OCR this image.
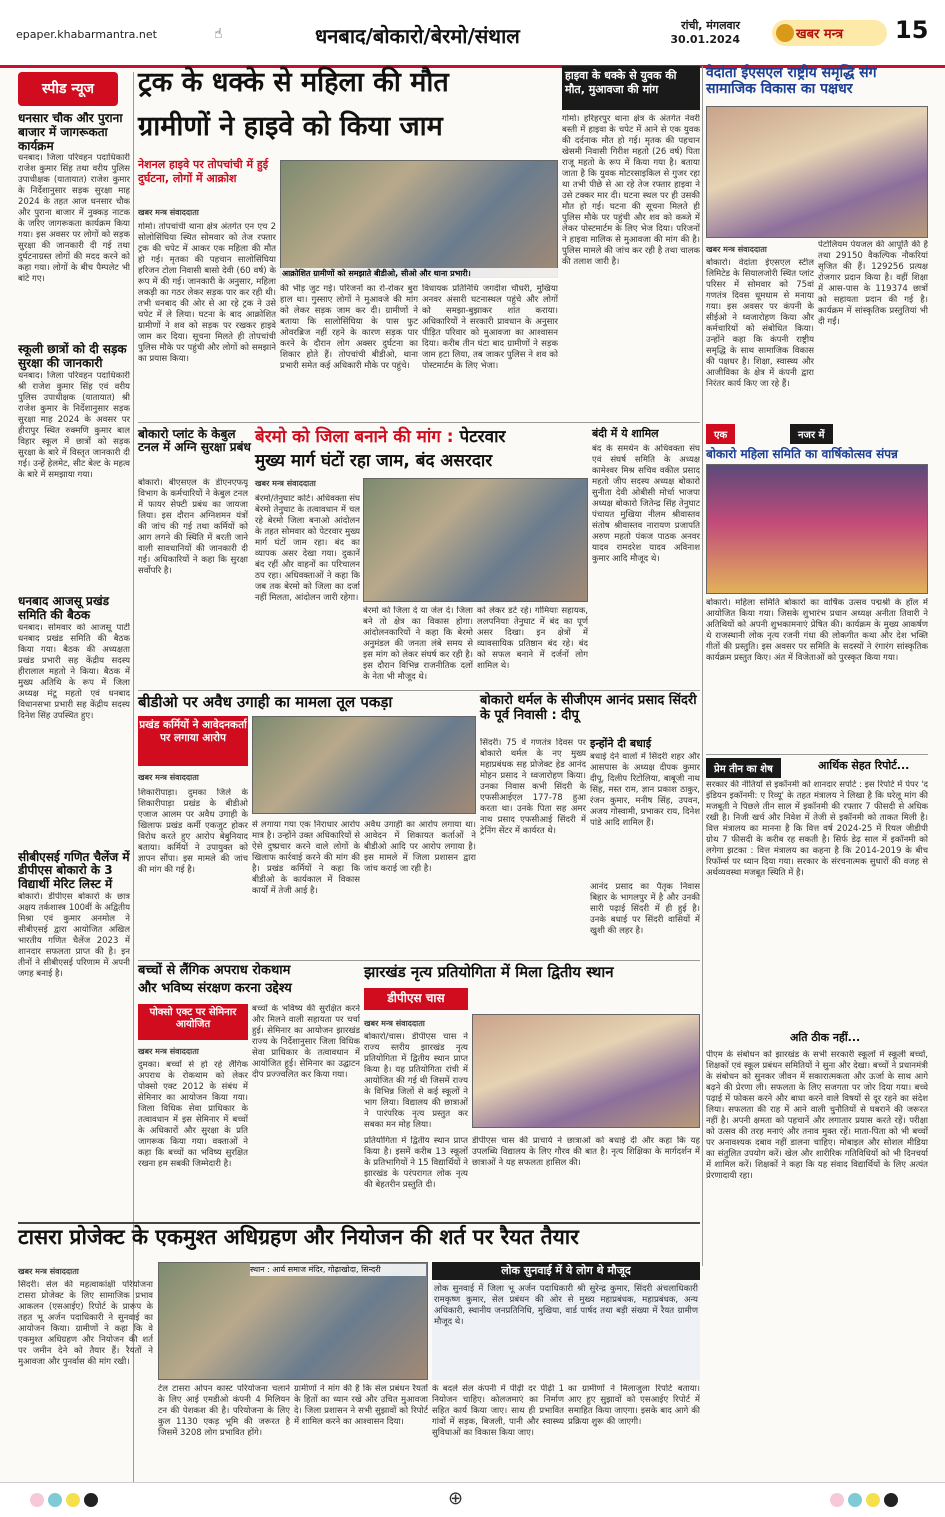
epaper.khabarmantra.net	☝	धनबाद/बोकारो/बेरमो/संथाल	रांची, मंगलवार
30.01.2024	खबर मन्त्र	15
स्पीड न्यूज
धनसार चौक और पुराना बाजार में जागरूकता कार्यक्रम
धनबाद। जिला परिवहन पदाधिकारी राजेश कुमार सिंह तथा वरीय पुलिस उपाधीक्षक (यातायात) राजेश कुमार के निर्देशानुसार सड़क सुरक्षा माह 2024 के तहत आज धनसार चौक और पुराना बाजार में नुक्कड़ नाटक के जरिए जागरूकता कार्यक्रम किया गया। इस अवसर पर लोगों को सड़क सुरक्षा की जानकारी दी गई तथा दुर्घटनाग्रस्त लोगों की मदद करने को कहा गया। लोगों के बीच पैम्पलेट भी बांटे गए।
स्कूली छात्रों को दी सड़क सुरक्षा की जानकारी
धनबाद। जिला परिवहन पदाधिकारी श्री राजेश कुमार सिंह एवं वरीय पुलिस उपाधीक्षक (यातायात) श्री राजेश कुमार के निर्देशानुसार सड़क सुरक्षा माह 2024 के अवसर पर हीरापुर स्थित रुक्मणि कुमार बाल विहार स्कूल में छात्रों को सड़क सुरक्षा के बारे में विस्तृत जानकारी दी गई। उन्हें हेलमेट, सीट बेल्ट के महत्व के बारे में समझाया गया।
धनबाद आजसू प्रखंड समिति की बैठक
धनबाद। सोमवार को आजसू पार्टी धनबाद प्रखंड समिति की बैठक किया गया। बैठक की अध्यक्षता प्रखंड प्रभारी सह केंद्रीय सदस्य हीरालाल महतो ने किया। बैठक में मुख्य अतिथि के रूप में जिला अध्यक्ष मंटू महतो एवं धनबाद विधानसभा प्रभारी सह केंद्रीय सदस्य दिनेश सिंह उपस्थित हुए।
सीबीएसई गणित चैलेंज में डीपीएस बोकारो के 3 विद्यार्थी मेरिट लिस्ट में
बोकारो। डीपीएस बोकारो के छात्र अक्षय तर्कशास्त्र 100वीं के अद्वितीय मिश्रा एवं कुमार अनमोल ने सीबीएसई द्वारा आयोजित अखिल भारतीय गणित चैलेंज 2023 में शानदार सफलता प्राप्त की है। इन तीनों ने सीबीएसई परिणाम में अपनी जगह बनाई है।
ट्रक के धक्के से महिला की मौत
ग्रामीणों ने हाइवे को किया जाम
नेशनल हाइवे पर तोपचांची में हुई दुर्घटना, लोगों में आक्रोश
खबर मन्त्र संवाददाता
गोमो। तोपचांची थाना क्षेत्र अंतर्गत एन एच 2 सोलोसिंघिया स्थित सोमवार को तेज रफ्तार ट्रक की चपेट में आकर एक महिला की मौत हो गई। मृतका की पहचान सालोसिंघिया हरिजन टोला निवासी बासो देवी (60 वर्ष) के रूप में की गई। जानकारी के अनुसार, महिला लकड़ी का गठर लेकर सड़क पार कर रही थी। तभी धनबाद की ओर से आ रहे ट्रक ने उसे चपेट में ले लिया। घटना के बाद आक्रोशित ग्रामीणों ने शव को सड़क पर रखकर हाइवे जाम कर दिया। सूचना मिलते ही तोपचांची पुलिस मौके पर पहुंची और लोगों को समझाने का प्रयास किया।
आक्रोशित ग्रामीणों को समझाते बीडीओ, सीओ और थाना प्रभारी।
की भीड़ जुट गई। परिजनों का रो-रोकर बुरा हाल था। गुस्साए लोगों ने मुआवजे की मांग को लेकर सड़क जाम कर दी। ग्रामीणों ने बताया कि सालोसिंघिया के पास फुट ओवरब्रिज नहीं रहने के कारण सड़क पार करने के दौरान लोग अक्सर दुर्घटना का शिकार होते हैं। तोपचांची बीडीओ, थाना प्रभारी समेत कई अधिकारी मौके पर पहुंचे।
विधायक प्रतिनिधि जगदीश चौधरी, मुखिया अनवर अंसारी घटनास्थल पहुंचे और लोगों को समझा-बुझाकर शांत कराया। अधिकारियों ने सरकारी प्रावधान के अनुसार पीड़ित परिवार को मुआवजा का आश्वासन दिया। करीब तीन घंटा बाद ग्रामीणों ने सड़क जाम हटा लिया, तब जाकर पुलिस ने शव को पोस्टमार्टम के लिए भेजा।
हाइवा के धक्के से युवक की मौत, मुआवजा की मांग
गोमो। हरिहरपुर थाना क्षेत्र के अंतर्गत नेवरी बस्ती में हाइवा के चपेट में आने से एक युवक की दर्दनाक मौत हो गई। मृतक की पहचान खेसमी निवासी गिरीश महतो (26 वर्ष) पिता राजू महतो के रूप में किया गया है। बताया जाता है कि युवक मोटरसाइकिल से गुजर रहा था तभी पीछे से आ रहे तेज रफ्तार हाइवा ने उसे टक्कर मार दी। घटना स्थल पर ही उसकी मौत हो गई। घटना की सूचना मिलते ही पुलिस मौके पर पहुंची और शव को कब्जे में लेकर पोस्टमार्टम के लिए भेज दिया। परिजनों ने हाइवा मालिक से मुआवजा की मांग की है। पुलिस मामले की जांच कर रही है तथा चालक की तलाश जारी है।
वेदांता ईएसएल राष्ट्रीय समृद्धि संग सामाजिक विकास का पक्षधर
खबर मन्त्र संवाददाता
बोकारो। वेदांता ईएसएल स्टील लिमिटेड के सियालजोरी स्थित प्लांट परिसर में सोमवार को 75वां गणतंत्र दिवस धूमधाम से मनाया गया। इस अवसर पर कंपनी के सीईओ ने ध्वजारोहण किया और कर्मचारियों को संबोधित किया। उन्होंने कहा कि कंपनी राष्ट्रीय समृद्धि के साथ सामाजिक विकास की पक्षधर है। शिक्षा, स्वास्थ्य और आजीविका के क्षेत्र में कंपनी द्वारा निरंतर कार्य किए जा रहे हैं।
पेटोलियम पेयजल की आपूर्ति की है तथा 29150 वैकल्पिक नौकरियां सृजित की हैं। 129256 प्रत्यक्ष रोजगार प्रदान किया है। वहीं शिक्षा में आस-पास के 119374 छात्रों को सहायता प्रदान की गई है। कार्यक्रम में सांस्कृतिक प्रस्तुतियां भी दी गईं।
एक	नजर में
बोकारो महिला समिति का वार्षिकोत्सव संपन्न
बोकारो। महिला समिति बोकारो का वार्षिक उत्सव पद्मश्री के हॉल में आयोजित किया गया। जिसके शुभारंभ प्रधान अध्यक्ष अनीता तिवारी ने अतिथियों को अपनी शुभकामनाएं प्रेषित की। कार्यक्रम के मुख्य आकर्षण थे राजस्थानी लोक नृत्य रजनी गंधा की लोकगीत कथा और देश भक्ति गीतों की प्रस्तुति। इस अवसर पर समिति के सदस्यों ने रंगारंग सांस्कृतिक कार्यक्रम प्रस्तुत किए। अंत में विजेताओं को पुरस्कृत किया गया।
बोकारो प्लांट के केबुल टनल में अग्नि सुरक्षा प्रबंध
बोकारो। बीएसएल के डीएनएफयू विभाग के कर्मचारियों ने केबुल टनल में फायर सेफ्टी प्रबंध का जायजा लिया। इस दौरान अग्निशमन यंत्रों की जांच की गई तथा कर्मियों को आग लगने की स्थिति में बरती जाने वाली सावधानियों की जानकारी दी गई। अधिकारियों ने कहा कि सुरक्षा सर्वोपरि है।
बेरमो को जिला बनाने की मांग : पेटरवार
मुख्य मार्ग घंटों रहा जाम, बंद असरदार
खबर मन्त्र संवाददाता
बेरमो/तेनुघाट कोर्ट। अधिवक्ता संघ बेरमो तेनुघाट के तत्वावधान में चल रहे बेरमो जिला बनाओ आंदोलन के तहत सोमवार को पेटरवार मुख्य मार्ग घंटों जाम रहा। बंद का व्यापक असर देखा गया। दुकानें बंद रहीं और वाहनों का परिचालन ठप रहा। अधिवक्ताओं ने कहा कि जब तक बेरमो को जिला का दर्जा नहीं मिलता, आंदोलन जारी रहेगा।
बेरमो को जिला दे या जेल दे। जिला बने तो क्षेत्र का विकास होगा। आंदोलनकारियों ने कहा कि बेरमो अनुमंडल की जनता लंबे समय से इस मांग को लेकर संघर्ष कर रही है। इस दौरान विभिन्न राजनीतिक दलों के नेता भी मौजूद थे।
को लेकर डटे रहे। गोमियाः सहायक, ललपनियाः तेनुघाट में बंद का पूर्ण असर दिखा। इन क्षेत्रों में व्यावसायिक प्रतिष्ठान बंद रहे। बंद को सफल बनाने में दर्जनों लोग शामिल थे।
बंदी में ये शामिल
बंद के समर्थन के अधिवक्ता संघ एवं संघर्ष समिति के अध्यक्ष कामेश्वर मिश्र सचिव वकील प्रसाद महतो जीप सदस्य अध्यक्ष बोकारो सुनीता देवी ओबीसी मोर्चा भाजपा अध्यक्ष बोकारो जितेन्द्र सिंह तेनुघाट पंचायत मुखिया नीलम श्रीवास्तव संतोष श्रीवास्तव नारायण प्रजापति अरुण महतो पंकज पाठक अनवर यादव रामदरेश यादव अविनाश कुमार आदि मौजूद थे।
बीडीओ पर अवैध उगाही का मामला तूल पकड़ा
प्रखंड कर्मियों ने आवेदनकर्ता पर लगाया आरोप
खबर मन्त्र संवाददाता
शिकारीपाड़ा। दुमका जिले के शिकारीपाड़ा प्रखंड के बीडीओ एजाज आलम पर अवैध उगाही के खिलाफ प्रखंड कर्मी एकजुट होकर विरोध करते हुए आरोप बेबुनियाद बताया। कर्मियों ने उपायुक्त को ज्ञापन सौंपा। इस मामले की जांच की मांग की गई है।
से लगाया गया एक निराधार आरोप मात्र है। उन्होंने उक्त अधिकारियों से ऐसे दुष्प्रचार करने वाले लोगों के खिलाफ कार्रवाई करने की मांग की है। प्रखंड कर्मियों ने कहा कि बीडीओ के कार्यकाल में विकास कार्यों में तेजी आई है।
अवैध उगाही का आरोप लगाया था। आवेदन में शिकायत कर्ताओं ने बीडीओ आदि पर आरोप लगाया है। इस मामले में जिला प्रशासन द्वारा जांच कराई जा रही है।
बोकारो थर्मल के सीजीएम आनंद प्रसाद सिंदरी के पूर्व निवासी : दीपू
सिंदरी। 75 वें गणतंत्र दिवस पर बोकारो थर्मल के नए मुख्य महाप्रबंधक सह प्रोजेक्ट हेड आनंद मोहन प्रसाद ने ध्वजारोहण किया। उनका निवास कभी सिंदरी के एफसीआईएल 177-78 हुआ करता था। उनके पिता सह अमर नाथ प्रसाद एफसीआई सिंदरी में ट्रेनिंग सेंटर में कार्यरत थे।
इन्होंने दी बधाई
बधाई देने वालों में सिंदरी शहर और आसपास के अध्यक्ष दीपक कुमार दीपू, दिलीप रिटोलिया, बाबूजी नाथ सिंह, मस्त राम, ज्ञान प्रकाश ठाकुर, रंजन कुमार, मनीष सिंह, उपवन, अजय गोस्वामी, प्रभाकर राय, दिनेश पांडे आदि शामिल हैं।
आनंद प्रसाद का पैतृक निवास बिहार के भागलपुर में है और उनकी सारी पढ़ाई सिंदरी में ही हुई है। उनके बधाई पर सिंदरी वासियों में खुशी की लहर है।
प्रेम तीन का शेष	आर्थिक सेहत रिपोर्ट...
सरकार की नीतियों से इकॉनमी को शानदार सपोर्ट : इस रिपोर्ट में पेपर 'द इंडियन इकॉनमी: ए रिव्यू' के तहत मंत्रालय ने लिखा है कि घरेलू मांग की मजबूती ने पिछले तीन साल में इकॉनमी की रफ्तार 7 फीसदी से अधिक रखी है। निजी खर्च और निवेश में तेजी से इकॉनमी को ताकत मिली है। वित्त मंत्रालय का मानना है कि वित्त वर्ष 2024-25 में रियल जीडीपी ग्रोथ 7 फीसदी के करीब रह सकती है। सिर्फ डेढ़ साल में इकॉनमी को लगेगा झटका : वित्त मंत्रालय का कहना है कि 2014-2019 के बीच रिफॉर्म्स पर ध्यान दिया गया। सरकार के संरचनात्मक सुधारों की वजह से अर्थव्यवस्था मजबूत स्थिति में है।
अति ठीक नहीं...
पीएम के संबोधन को झारखंड के सभी सरकारी स्कूलों में स्कूली बच्चों, शिक्षकों एवं स्कूल प्रबंधन समितियों ने सुना और देखा। बच्चों ने प्रधानमंत्री के संबोधन को सुनकर जीवन में सकारात्मकता और ऊर्जा के साथ आगे बढ़ने की प्रेरणा ली। सफलता के लिए सजगता पर जोर दिया गया। बच्चे पढ़ाई में फोकस करने और बाधा करने वाले विषयों से दूर रहने का संदेश लिया। सफलता की राह में आने वाली चुनौतियों से घबराने की जरूरत नहीं है। अपनी क्षमता को पहचानें और लगातार प्रयास करते रहें। परीक्षा को उत्सव की तरह मनाएं और तनाव मुक्त रहें। माता-पिता को भी बच्चों पर अनावश्यक दबाव नहीं डालना चाहिए। मोबाइल और सोशल मीडिया का संतुलित उपयोग करें। खेल और शारीरिक गतिविधियों को भी दिनचर्या में शामिल करें। शिक्षकों ने कहा कि यह संवाद विद्यार्थियों के लिए अत्यंत प्रेरणादायी रहा।
बच्चों से लैंगिक अपराध रोकथाम
और भविष्य संरक्षण करना उद्देश्य
पोक्सो एक्ट पर सेमिनार आयोजित
खबर मन्त्र संवाददाता
दुमका। बच्चों से हो रहे लैंगिक अपराध के रोकथाम को लेकर पोक्सो एक्ट 2012 के संबंध में सेमिनार का आयोजन किया गया। जिला विधिक सेवा प्राधिकार के तत्वावधान में इस सेमिनार में बच्चों के अधिकारों और सुरक्षा के प्रति जागरूक किया गया। वक्ताओं ने कहा कि बच्चों का भविष्य सुरक्षित रखना हम सबकी जिम्मेदारी है।
बच्चों के भविष्य की सुरक्षित करने और मिलने वाली सहायता पर चर्चा हुई। सेमिनार का आयोजन झारखंड राज्य के निर्देशानुसार जिला विधिक सेवा प्राधिकार के तत्वावधान में आयोजित हुई। सेमिनार का उद्घाटन दीप प्रज्ज्वलित कर किया गया।
झारखंड नृत्य प्रतियोगिता में मिला द्वितीय स्थान
डीपीएस चास
खबर मन्त्र संवाददाता
बोकारो/चास। डीपीएस चास ने राज्य स्तरीय झारखंड नृत्य प्रतियोगिता में द्वितीय स्थान प्राप्त किया है। यह प्रतियोगिता रांची में आयोजित की गई थी जिसमें राज्य के विभिन्न जिलों से कई स्कूलों ने भाग लिया। विद्यालय की छात्राओं ने पारंपरिक नृत्य प्रस्तुत कर सबका मन मोह लिया।
प्रतियोगिता में द्वितीय स्थान प्राप्त किया है। इसमें करीब 13 स्कूलों के प्रतिभागियों ने 15 विद्यार्थियों ने झारखंड के परंपरागत लोक नृत्य की बेहतरीन प्रस्तुति दी।
डीपीएस चास की प्राचार्य ने छात्राओं को बधाई दी और कहा कि यह उपलब्धि विद्यालय के लिए गौरव की बात है। नृत्य शिक्षिका के मार्गदर्शन में छात्राओं ने यह सफलता हासिल की।
टासरा प्रोजेक्ट के एकमुश्त अधिग्रहण और नियोजन की शर्त पर रैयत तैयार
खबर मन्त्र संवाददाता
सिंदरी। सेल की महत्वाकांक्षी परियोजना टासरा प्रोजेक्ट के लिए सामाजिक प्रभाव आकलन (एसआईए) रिपोर्ट के प्रारूप के तहत भू अर्जन पदाधिकारी ने सुनवाई का आयोजन किया। ग्रामीणों ने कहा कि वे एकमुश्त अधिग्रहण और नियोजन की शर्त पर जमीन देने को तैयार हैं। रैयतों ने मुआवजा और पुनर्वास की मांग रखी।
स्थान : आर्य समाज मंदिर, गोढ़ाखोदा, सिन्दरी
टेल टासरा ओपन कास्ट परियोजना चलाने के लिए आई एमडीओ कंपनी 4 मिलियन टन की पेशकश की है। परियोजना के लिए कुल 1130 एकड़ भूमि की जरूरत है जिसमें 3208 लोग प्रभावित होंगे।
ग्रामीणों ने मांग की है कि सेल प्रबंधन रैयतों के हितों का ध्यान रखे और उचित मुआवजा दे। जिला प्रशासन ने सभी सुझावों को रिपोर्ट में शामिल करने का आश्वासन दिया।
लोक सुनवाई में ये लोग थे मौजूद
लोक सुनवाई में जिला भू अर्जन पदाधिकारी श्री सुरेन्द्र कुमार, सिंदरी अंचलाधिकारी रामकृष्ण कुमार, सेल प्रबंधन की ओर से मुख्य महाप्रबंधक, महाप्रबंधक, अन्य अधिकारी, स्थानीय जनप्रतिनिधि, मुखिया, वार्ड पार्षद तथा बड़ी संख्या में रैयत ग्रामीण मौजूद थे।
के बदले सेल कंपनी में पीढ़ी दर पीढ़ी 1 नियोजन चाहिए। कोलजमाएं का निर्माण सहित कार्य किया जाए। साथ ही प्रभावित गांवों में सड़क, बिजली, पानी और स्वास्थ्य सुविधाओं का विकास किया जाए।
का ग्रामीणों ने मिलाजुला रिपोर्ट बताया। आए हुए सुझावों को एसआईए रिपोर्ट में समाहित किया जाएगा। इसके बाद आगे की प्रक्रिया शुरू की जाएगी।
⊕
